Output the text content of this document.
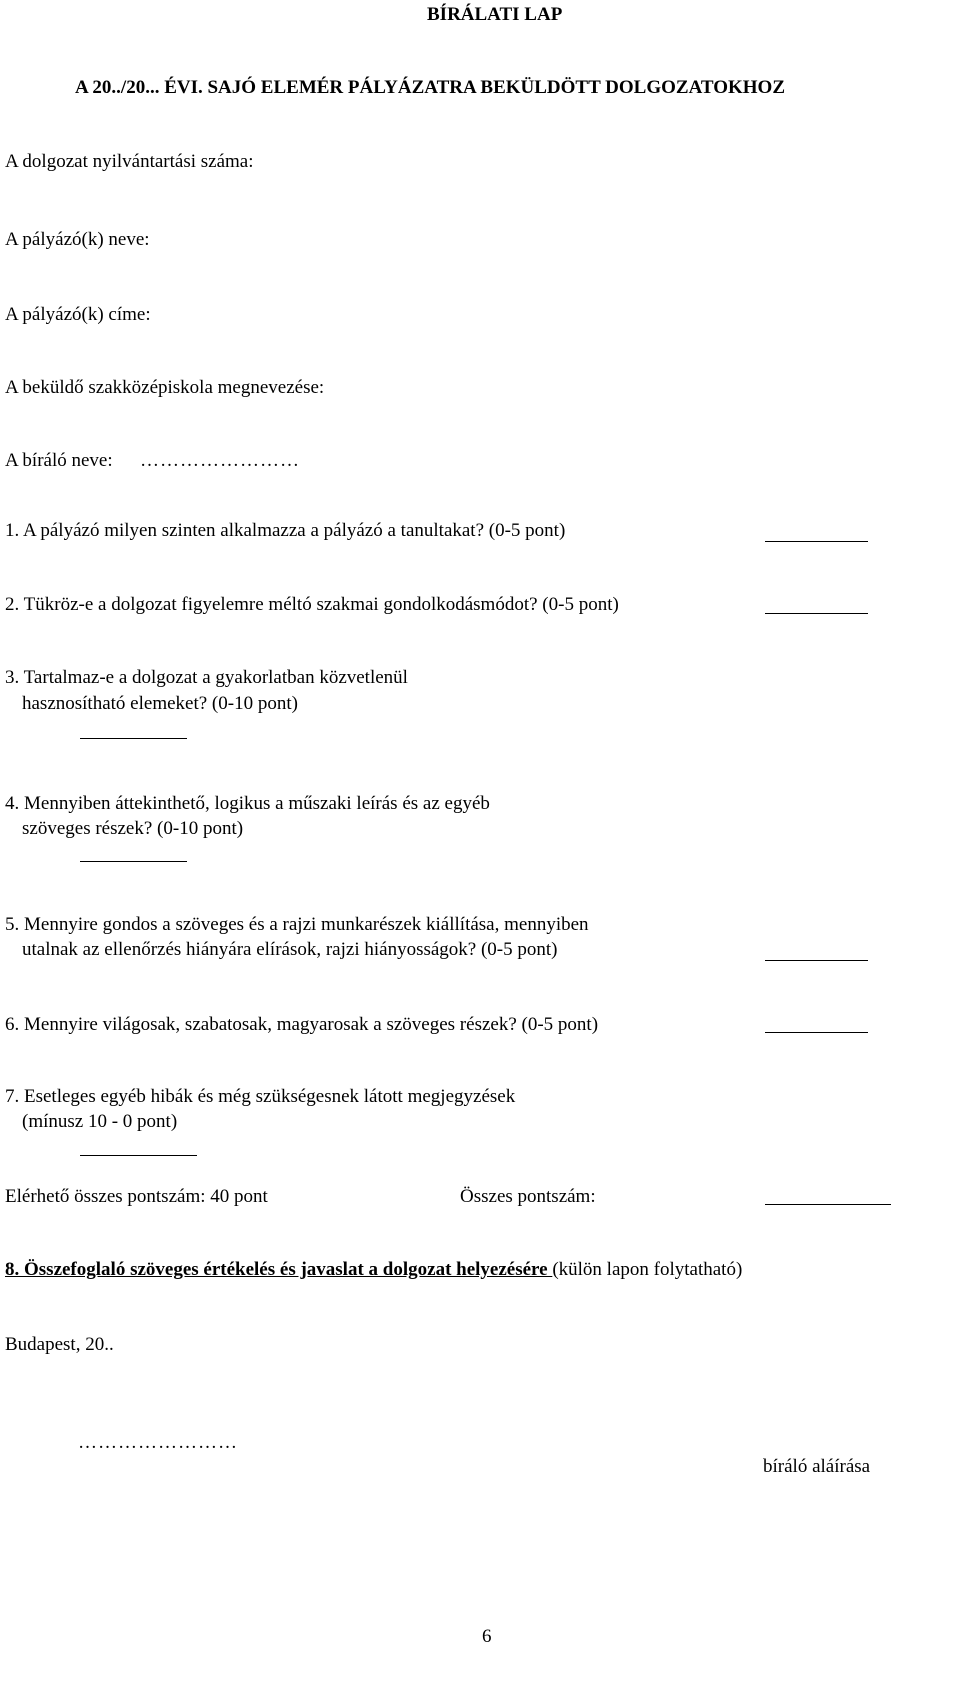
BÍRÁLATI LAP
A 20../20... ÉVI. SAJÓ ELEMÉR PÁLYÁZATRA BEKÜLDÖTT DOLGOZATOKHOZ
A dolgozat nyilvántartási száma:
A pályázó(k) neve:
A pályázó(k) címe:
A beküldő szakközépiskola megnevezése:
A bíráló neve: ……………………
1. A pályázó milyen szinten alkalmazza a pályázó a tanultakat? (0-5 pont)
2. Tükröz-e a dolgozat figyelemre méltó szakmai gondolkodásmódot? (0-5 pont)
3. Tartalmaz-e a dolgozat a gyakorlatban közvetlenül
hasznosítható elemeket? (0-10 pont)
4. Mennyiben áttekinthető, logikus a műszaki leírás és az egyéb
szöveges részek? (0-10 pont)
5. Mennyire gondos a szöveges és a rajzi munkarészek kiállítása, mennyiben
utalnak az ellenőrzés hiányára elírások, rajzi hiányosságok? (0-5 pont)
6. Mennyire világosak, szabatosak, magyarosak a szöveges részek? (0-5 pont)
7. Esetleges egyéb hibák és még szükségesnek látott megjegyzések
(mínusz 10 - 0 pont)
Elérhető összes pontszám: 40 pont	Összes pontszám:
8. Összefoglaló szöveges értékelés és javaslat a dolgozat helyezésére (külön lapon folytatható)
Budapest, 20..
……………………
bíráló aláírása
6
